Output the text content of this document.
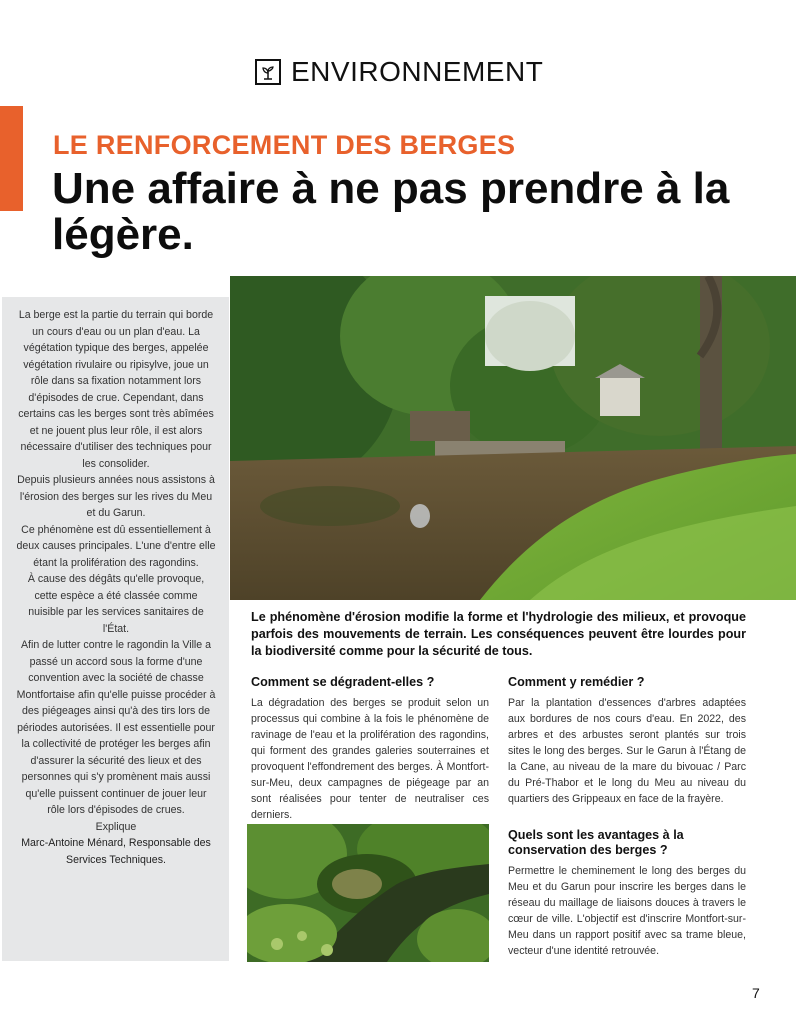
ENVIRONNEMENT
LE RENFORCEMENT DES BERGES
Une affaire à ne pas prendre à la légère.

La berge est la partie du terrain qui borde un cours d'eau ou un plan d'eau. La végétation typique des berges, appelée végétation rivulaire ou ripisylve, joue un rôle dans sa fixation notamment lors d'épisodes de crue. Cependant, dans certains cas les berges sont très abîmées et ne jouent plus leur rôle, il est alors nécessaire d'utiliser des techniques pour les consolider.

Depuis plusieurs années nous assistons à l'érosion des berges sur les rives du Meu et du Garun.

Ce phénomène est dû essentiellement à deux causes principales. L'une d'entre elle étant la prolifération des ragondins.

À cause des dégâts qu'elle provoque, cette espèce a été classée comme nuisible par les services sanitaires de l'État.

Afin de lutter contre le ragondin la Ville a passé un accord sous la forme d'une convention avec la société de chasse Montfortaise afin qu'elle puisse procéder à des piégeages ainsi qu'à des tirs lors de périodes autorisées. Il est essentielle pour la collectivité de protéger les berges afin d'assurer la sécurité des lieux et des personnes qui s'y promènent mais aussi qu'elle puissent continuer de jouer leur rôle lors d'épisodes de crues.

Explique

Marc-Antoine Ménard, Responsable des Services Techniques.

Le phénomène d'érosion modifie la forme et l'hydrologie des milieux, et provoque parfois des mouvements de terrain. Les conséquences peuvent être lourdes pour la biodiversité comme pour la sécurité de tous.

Comment se dégradent-elles ?

La dégradation des berges se produit selon un processus qui combine à la fois le phénomène de ravinage de l'eau et la prolifération des ragondins, qui forment des grandes galeries souterraines et provoquent l'effondrement des berges. À Montfort-sur-Meu, deux campagnes de piégeage par an sont réalisées pour tenter de neutraliser ces derniers.

Comment y remédier ?

Par la plantation d'essences d'arbres adaptées aux bordures de nos cours d'eau. En 2022, des arbres et des arbustes seront plantés sur trois sites le long des berges. Sur le Garun à l'Étang de la Cane, au niveau de la mare du bivouac / Parc du Pré-Thabor et le long du Meu au niveau du quartiers des Grippeaux en face de la frayère.

Quels sont les avantages à la conservation des berges ?

Permettre le cheminement le long des berges du Meu et du Garun pour inscrire les berges dans le réseau du maillage de liaisons douces à travers le cœur de ville. L'objectif est d'inscrire Montfort-sur-Meu dans un rapport positif avec sa trame bleue, vecteur d'une identité retrouvée.

7
